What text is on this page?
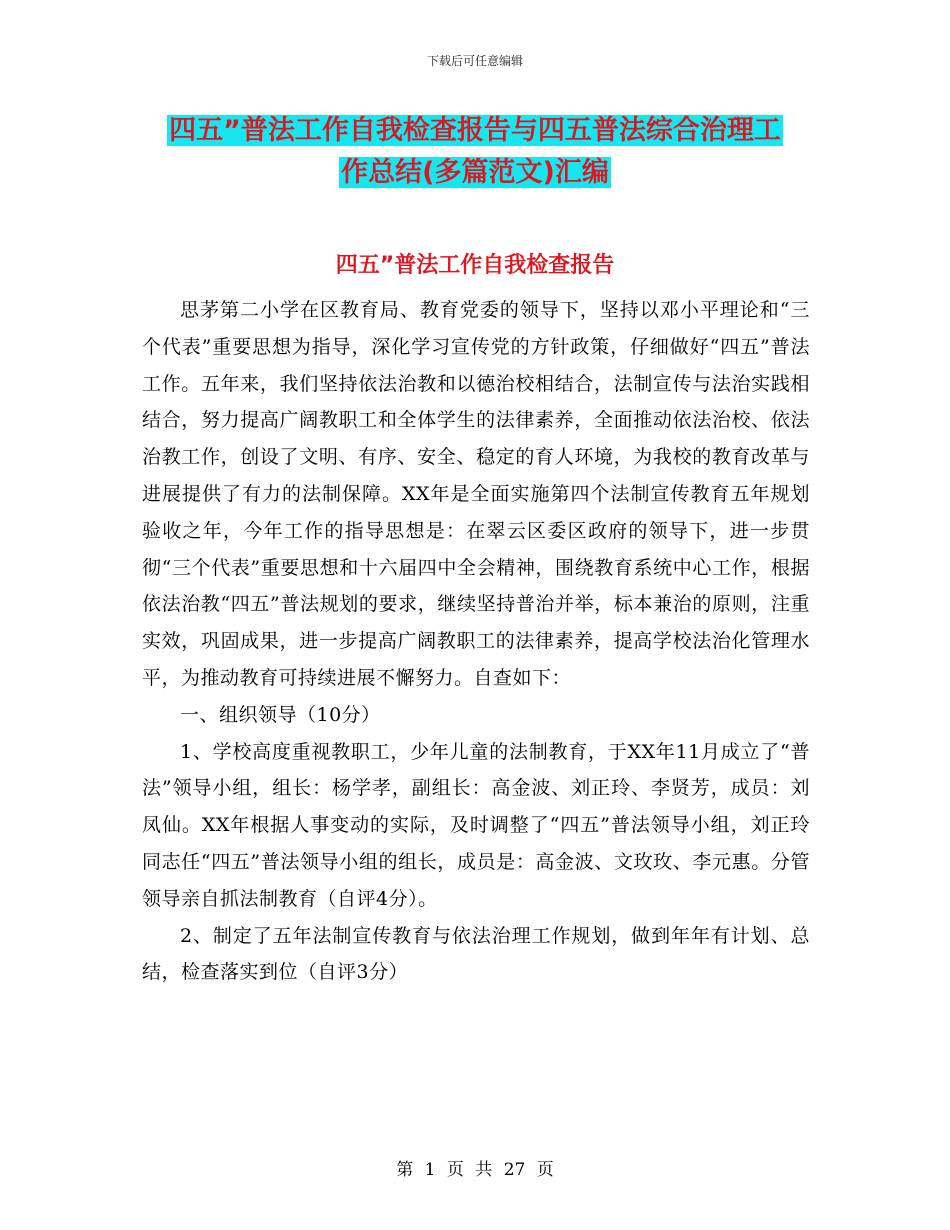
下载后可任意编辑
四五”普法工作自我检查报告与四五普法综合治理工
作总结(多篇范文)汇编
四五”普法工作自我检查报告

思茅第二小学在区教育局、教育党委的领导下，坚持以邓小平理论和“三个代表”重要思想为指导，深化学习宣传党的方针政策，仔细做好“四五”普法工作。五年来，我们坚持依法治教和以德治校相结合，法制宣传与法治实践相结合，努力提高广阔教职工和全体学生的法律素养，全面推动依法治校、依法治教工作，创设了文明、有序、安全、稳定的育人环境，为我校的教育改革与进展提供了有力的法制保障。XX年是全面实施第四个法制宣传教育五年规划验收之年，今年工作的指导思想是：在翠云区委区政府的领导下，进一步贯彻“三个代表”重要思想和十六届四中全会精神，围绕教育系统中心工作，根据依法治教“四五”普法规划的要求，继续坚持普治并举，标本兼治的原则，注重实效，巩固成果，进一步提高广阔教职工的法律素养，提高学校法治化管理水平，为推动教育可持续进展不懈努力。自查如下：

一、组织领导（10分）

1、学校高度重视教职工，少年儿童的法制教育，于XX年11月成立了“普法”领导小组，组长：杨学孝，副组长：高金波、刘正玲、李贤芳，成员：刘凤仙。XX年根据人事变动的实际，及时调整了“四五”普法领导小组，刘正玲同志任“四五”普法领导小组的组长，成员是：高金波、文玫玫、李元惠。分管领导亲自抓法制教育（自评4分）。

2、制定了五年法制宣传教育与依法治理工作规划，做到年年有计划、总结，检查落实到位（自评3分）

第 1 页 共 27 页
